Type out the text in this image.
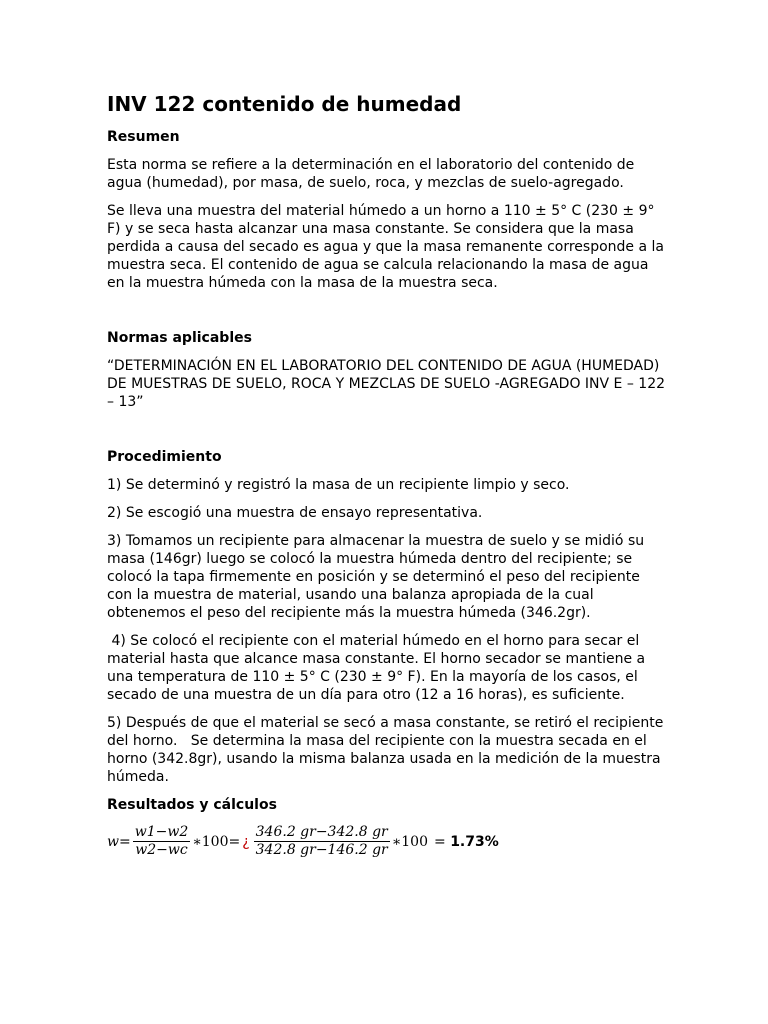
INV 122 contenido de humedad
Resumen

Esta norma se refiere a la determinación en el laboratorio del contenido de agua (humedad), por masa, de suelo, roca, y mezclas de suelo-agregado.

Se lleva una muestra del material húmedo a un horno a 110 ± 5° C (230 ± 9° F) y se seca hasta alcanzar una masa constante. Se considera que la masa perdida a causa del secado es agua y que la masa remanente corresponde a la muestra seca. El contenido de agua se calcula relacionando la masa de agua en la muestra húmeda con la masa de la muestra seca.

Normas aplicables

“DETERMINACIÓN EN EL LABORATORIO DEL CONTENIDO DE AGUA (HUMEDAD) DE MUESTRAS DE SUELO, ROCA Y MEZCLAS DE SUELO -AGREGADO INV E – 122 – 13”

Procedimiento

1) Se determinó y registró la masa de un recipiente limpio y seco.

2) Se escogió una muestra de ensayo representativa.

3) Tomamos un recipiente para almacenar la muestra de suelo y se midió su masa (146gr) luego se colocó la muestra húmeda dentro del recipiente; se colocó la tapa firmemente en posición y se determinó el peso del recipiente con la muestra de material, usando una balanza apropiada de la cual obtenemos el peso del recipiente más la muestra húmeda (346.2gr).

4) Se colocó el recipiente con el material húmedo en el horno para secar el material hasta que alcance masa constante. El horno secador se mantiene a una temperatura de 110 ± 5° C (230 ± 9° F). En la mayoría de los casos, el secado de una muestra de un día para otro (12 a 16 horas), es suficiente.

5) Después de que el material se secó a masa constante, se retiró el recipiente del horno.   Se determina la masa del recipiente con la muestra secada en el horno (342.8gr), usando la misma balanza usada en la medición de la muestra húmeda.

Resultados y cálculos
$w = \frac{w1-w2}{w2-wc}$ ∗100= ¿ $\frac{346.2 gr-342.8 gr}{342.8 gr-146.2 gr}$ ∗100 = 1.73%
